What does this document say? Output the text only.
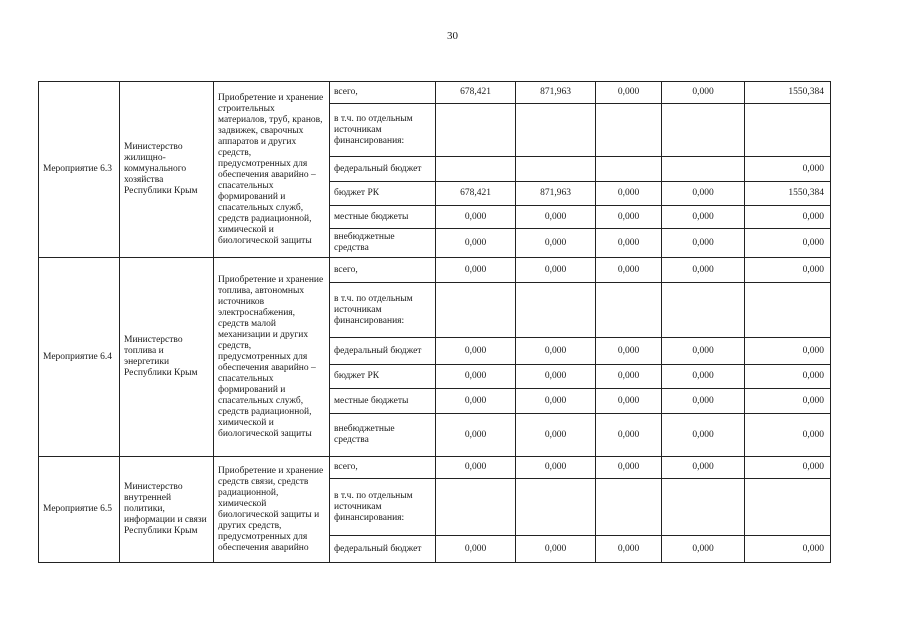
30
Мероприятие 6.3	Министерство жилищно-коммунального хозяйства Республики Крым	Приобретение и хранение строительных материалов, труб, кранов, задвижек, сварочных аппаратов и других средств, предусмотренных для обеспечения аварийно – спасательных формирований и спасательных служб, средств радиационной, химической и биологической защиты	всего,	678,421	871,963	0,000	0,000	1550,384
			в т.ч. по отдельным источникам финансирования:					
			федеральный бюджет					0,000
			бюджет РК	678,421	871,963	0,000	0,000	1550,384
			местные бюджеты	0,000	0,000	0,000	0,000	0,000
			внебюджетные средства	0,000	0,000	0,000	0,000	0,000
Мероприятие 6.4	Министерство топлива и энергетики Республики Крым	Приобретение и хранение топлива, автономных источников электроснабжения, средств малой механизации и других средств, предусмотренных для обеспечения аварийно – спасательных формирований и спасательных служб, средств радиационной, химической и биологической защиты	всего,	0,000	0,000	0,000	0,000	0,000
			в т.ч. по отдельным источникам финансирования:					
			федеральный бюджет	0,000	0,000	0,000	0,000	0,000
			бюджет РК	0,000	0,000	0,000	0,000	0,000
			местные бюджеты	0,000	0,000	0,000	0,000	0,000
			внебюджетные средства	0,000	0,000	0,000	0,000	0,000
Мероприятие 6.5	Министерство внутренней политики, информации и связи Республики Крым	Приобретение и хранение средств связи, средств радиационной, химической биологической защиты и других средств, предусмотренных для обеспечения аварийно	всего,	0,000	0,000	0,000	0,000	0,000
			в т.ч. по отдельным источникам финансирования:					
			федеральный бюджет	0,000	0,000	0,000	0,000	0,000
